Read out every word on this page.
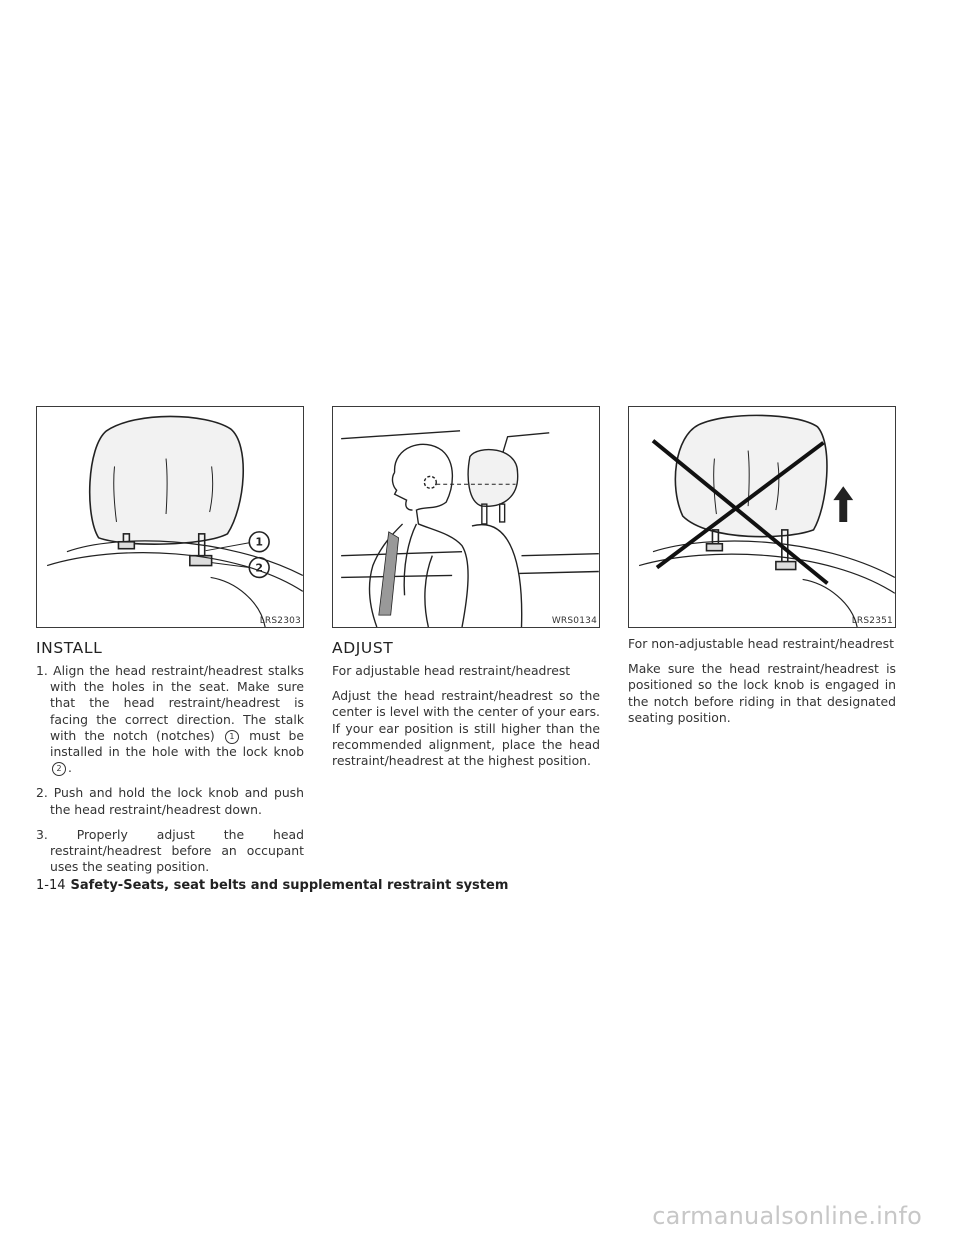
1
2
LRS2303	WRS0134	LRS2351
INSTALL
1. Align the head restraint/headrest stalks with the holes in the seat. Make sure that the head restraint/headrest is facing the correct direction. The stalk with the notch (notches) 1 must be installed in the hole with the lock knob 2 .
2. Push and hold the lock knob and push the head restraint/headrest down.
3. Properly adjust the head restraint/headrest before an occupant uses the seating position.
ADJUST

For adjustable head restraint/headrest

Adjust the head restraint/headrest so the center is level with the center of your ears. If your ear position is still higher than the recommended alignment, place the head restraint/headrest at the highest position.

For non-adjustable head restraint/headrest

Make sure the head restraint/headrest is positioned so the lock knob is engaged in the notch before riding in that designated seating position.

1-14 Safety-Seats, seat belts and supplemental restraint system
carmanualsonline.info
